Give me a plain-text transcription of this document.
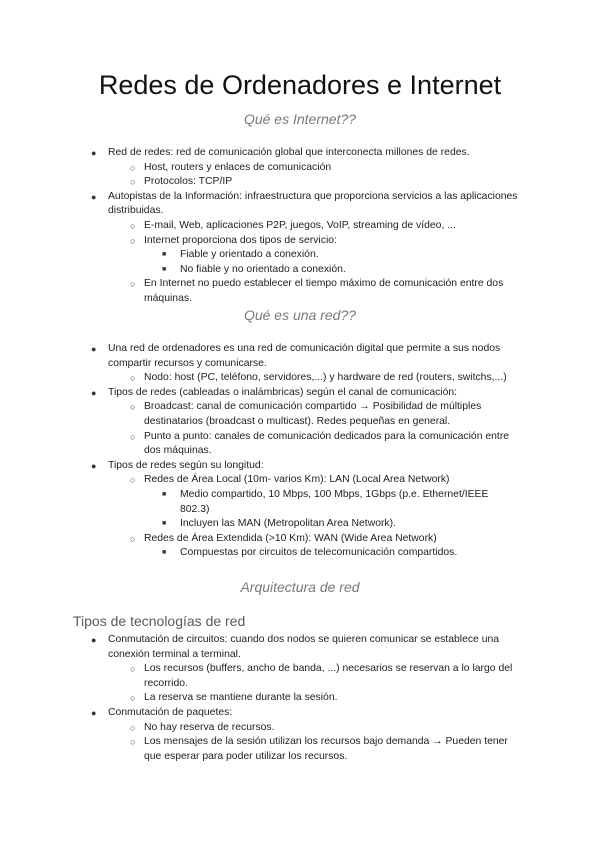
Redes de Ordenadores e Internet

Qué es Internet??

● Red de redes: red de comunicación global que interconecta millones de redes.
○ Host, routers y enlaces de comunicación
○ Protocolos: TCP/IP
● Autopistas de la Información: infraestructura que proporciona servicios a las aplicaciones distribuidas.
○ E-mail, Web, aplicaciones P2P, juegos, VoIP, streaming de vídeo, ...
○ Internet proporciona dos tipos de servicio:
■ Fiable y orientado a conexión.
■ No fiable y no orientado a conexión.
○ En Internet no puedo establecer el tiempo máximo de comunicación entre dos máquinas.

Qué es una red??

● Una red de ordenadores es una red de comunicación digital que permite a sus nodos compartir recursos y comunicarse.
○ Nodo: host (PC, teléfono, servidores,...) y hardware de red (routers, switchs,...)
● Tipos de redes (cableadas o inalámbricas) según el canal de comunicación:
○ Broadcast: canal de comunicación compartido → Posibilidad de múltiples destinatarios (broadcast o multicast). Redes pequeñas en general.
○ Punto a punto: canales de comunicación dedicados para la comunicación entre dos máquinas.
● Tipos de redes según su longitud:
○ Redes de Área Local (10m- varios Km): LAN (Local Area Network)
■ Medio compartido, 10 Mbps, 100 Mbps, 1Gbps (p.e. Ethernet/IEEE 802.3)
■ Incluyen las MAN (Metropolitan Area Network).
○ Redes de Área Extendida (>10 Km): WAN (Wide Area Network)
■ Compuestas por circuitos de telecomunicación compartidos.

Arquitectura de red

Tipos de tecnologías de red

● Conmutación de circuitos: cuando dos nodos se quieren comunicar se establece una conexión terminal a terminal.
○ Los recursos (buffers, ancho de banda, ...) necesarios se reservan a lo largo del recorrido.
○ La reserva se mantiene durante la sesión.
● Conmutación de paquetes:
○ No hay reserva de recursos.
○ Los mensajes de la sesión utilizan los recursos bajo demanda → Pueden tener que esperar para poder utilizar los recursos.
